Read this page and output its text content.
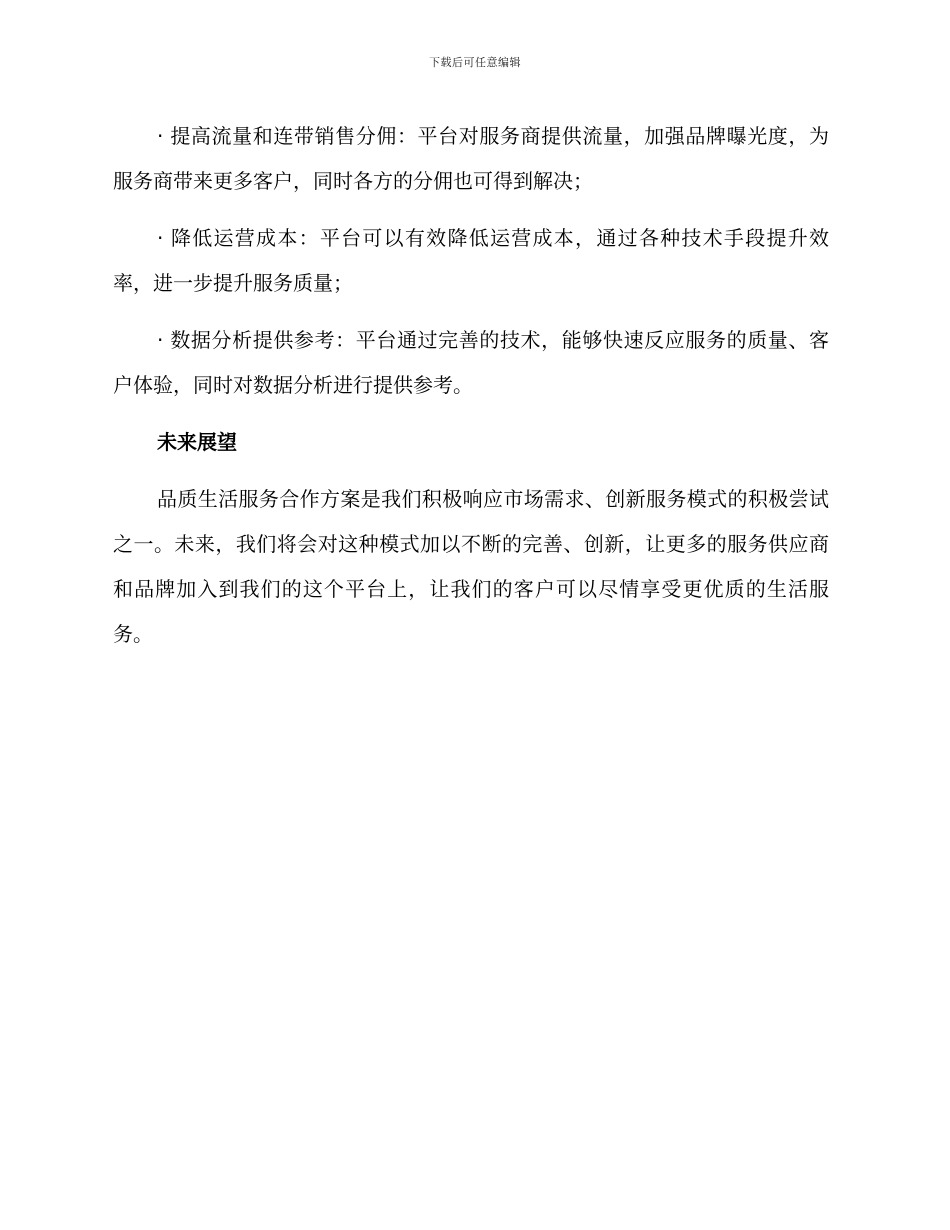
下载后可任意编辑

· 提高流量和连带销售分佣：平台对服务商提供流量，加强品牌曝光度，为服务商带来更多客户，同时各方的分佣也可得到解决；

· 降低运营成本：平台可以有效降低运营成本，通过各种技术手段提升效率，进一步提升服务质量；

· 数据分析提供参考：平台通过完善的技术，能够快速反应服务的质量、客户体验，同时对数据分析进行提供参考。

未来展望

品质生活服务合作方案是我们积极响应市场需求、创新服务模式的积极尝试之一。未来，我们将会对这种模式加以不断的完善、创新，让更多的服务供应商和品牌加入到我们的这个平台上，让我们的客户可以尽情享受更优质的生活服务。
